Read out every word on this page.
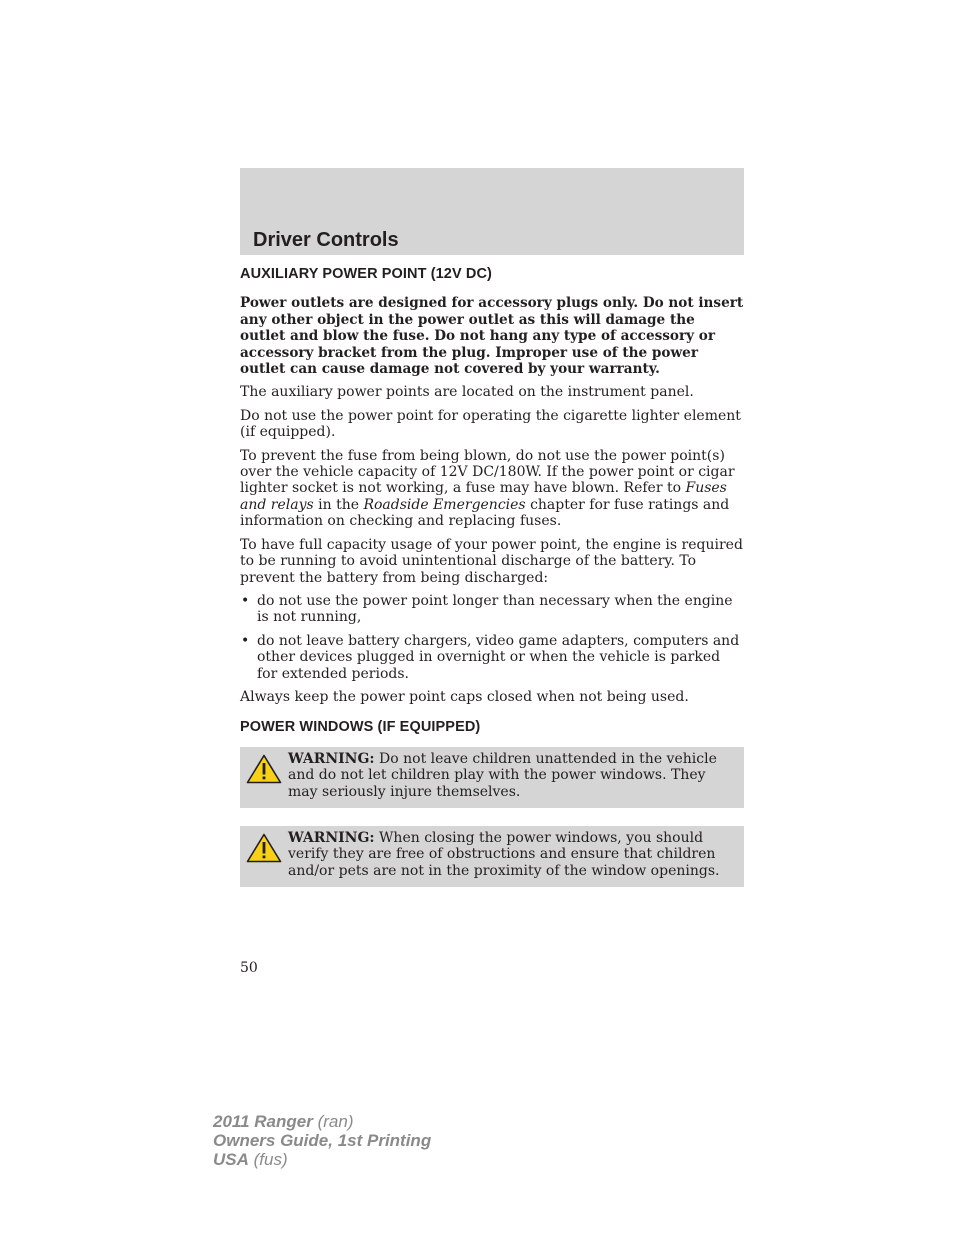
Driver Controls
AUXILIARY POWER POINT (12V DC)

Power outlets are designed for accessory plugs only. Do not insert any other object in the power outlet as this will damage the outlet and blow the fuse. Do not hang any type of accessory or accessory bracket from the plug. Improper use of the power outlet can cause damage not covered by your warranty.

The auxiliary power points are located on the instrument panel.

Do not use the power point for operating the cigarette lighter element (if equipped).

To prevent the fuse from being blown, do not use the power point(s) over the vehicle capacity of 12V DC/180W. If the power point or cigar lighter socket is not working, a fuse may have blown. Refer to Fuses and relays in the Roadside Emergencies chapter for fuse ratings and information on checking and replacing fuses.

To have full capacity usage of your power point, the engine is required to be running to avoid unintentional discharge of the battery. To prevent the battery from being discharged:

• do not use the power point longer than necessary when the engine is not running,
• do not leave battery chargers, video game adapters, computers and other devices plugged in overnight or when the vehicle is parked for extended periods.

Always keep the power point caps closed when not being used.

POWER WINDOWS (IF EQUIPPED)
WARNING: Do not leave children unattended in the vehicle and do not let children play with the power windows. They may seriously injure themselves.
WARNING: When closing the power windows, you should verify they are free of obstructions and ensure that children and/or pets are not in the proximity of the window openings.
50
2011 Ranger (ran)
Owners Guide, 1st Printing
USA (fus)
